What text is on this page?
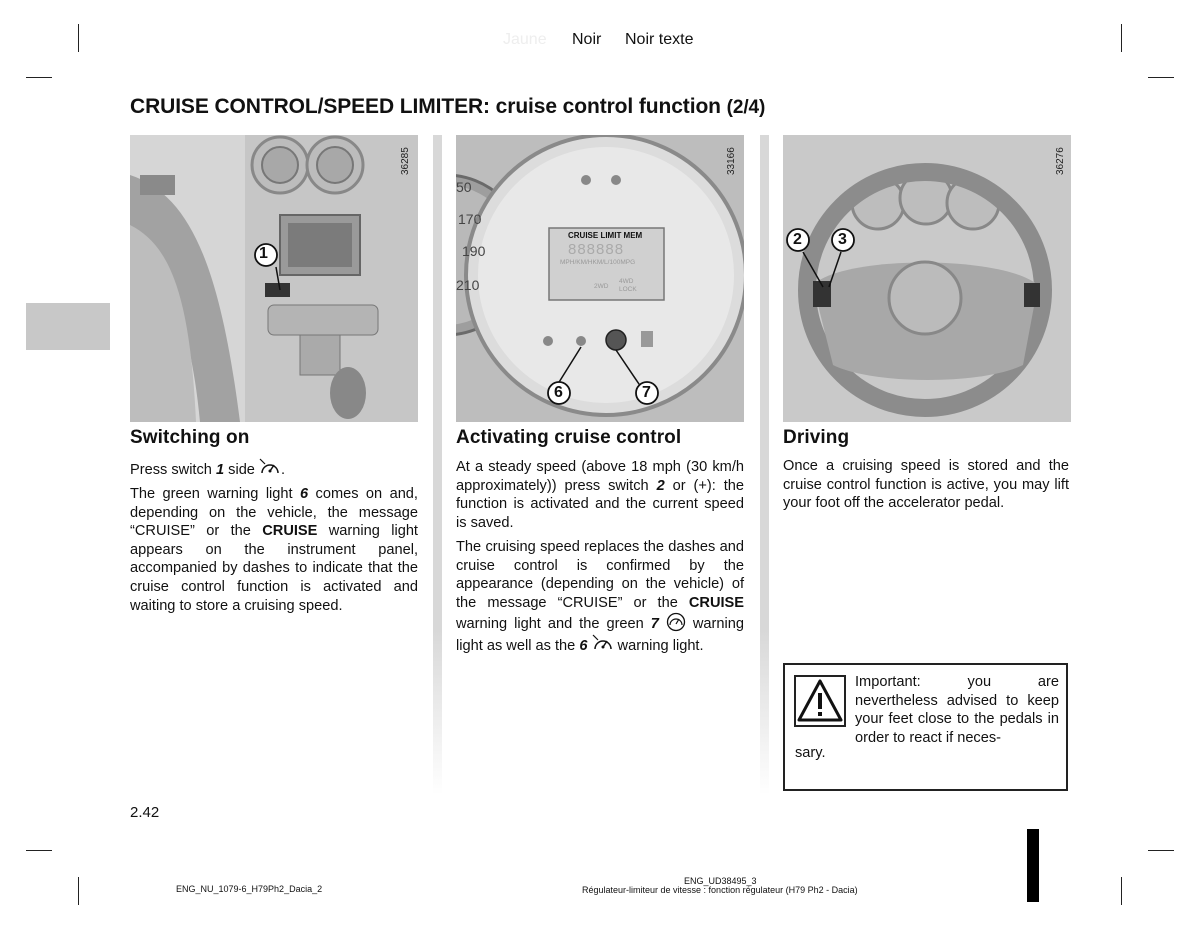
Jaune Noir Noir texte
CRUISE CONTROL/SPEED LIMITER: cruise control function (2/4)
1
36285
50
170
190
210
CRUISE LIMIT MEM
888888
MPH/KM/HKM/L/100MPG
2WD
4WD
LOCK
6	7
33166
2 3
36276
Switching on

Press switch 1 side .

The green warning light 6 comes on and, depending on the vehicle, the message “CRUISE” or the CRUISE warning light appears on the instrument panel, accompanied by dashes to indicate that the cruise control function is activated and waiting to store a cruising speed.

Activating cruise control

At a steady speed (above 18 mph (30 km/h approximately)) press switch 2 or (+): the function is activated and the current speed is saved.

The cruising speed replaces the dashes and cruise control is confirmed by the appearance (depending on the vehicle) of the message “CRUISE” or the CRUISE warning light and the green 7  warning light as well as the 6  warning light.

Driving

Once a cruising speed is stored and the cruise control function is active, you may lift your foot off the accelerator pedal.

Important: you are nevertheless advised to keep your feet close to the pedals in order to react if neces-
sary.
2.42
ENG_NU_1079-6_H79Ph2_Dacia_2
ENG_UD38495_3
Régulateur-limiteur de vitesse : fonction régulateur (H79 Ph2 - Dacia)
